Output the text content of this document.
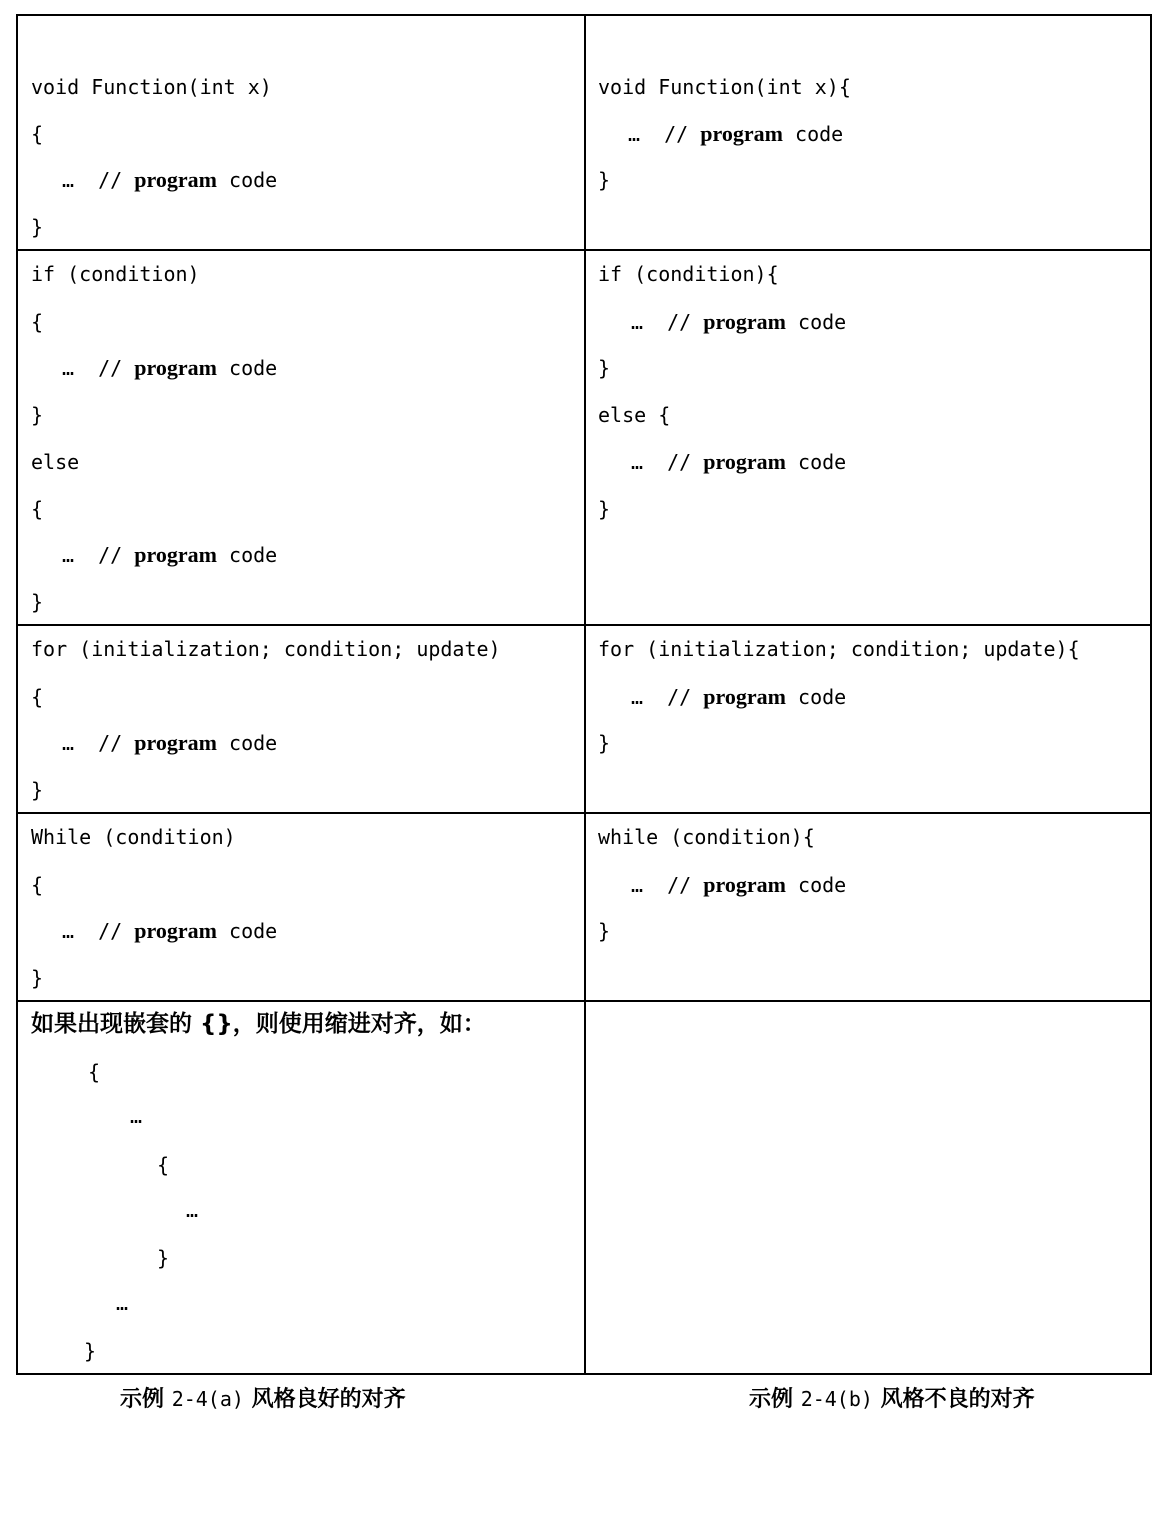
void Function(int x)
{
… // program code
}
if (condition)
{
… // program code
}
else
{
… // program code
}
for (initialization; condition; update)
{
… // program code
}
While (condition)
{
… // program code
}
如果出现嵌套的 {}，则使用缩进对齐，如：
{
…
{
…
}
…
}
void Function(int x){
… // program code
}
if (condition){
… // program code
}
else {
… // program code
}
for (initialization; condition; update){
… // program code
}
while (condition){
… // program code
}
示例 2-4(a) 风格良好的对齐	示例 2-4(b) 风格不良的对齐
